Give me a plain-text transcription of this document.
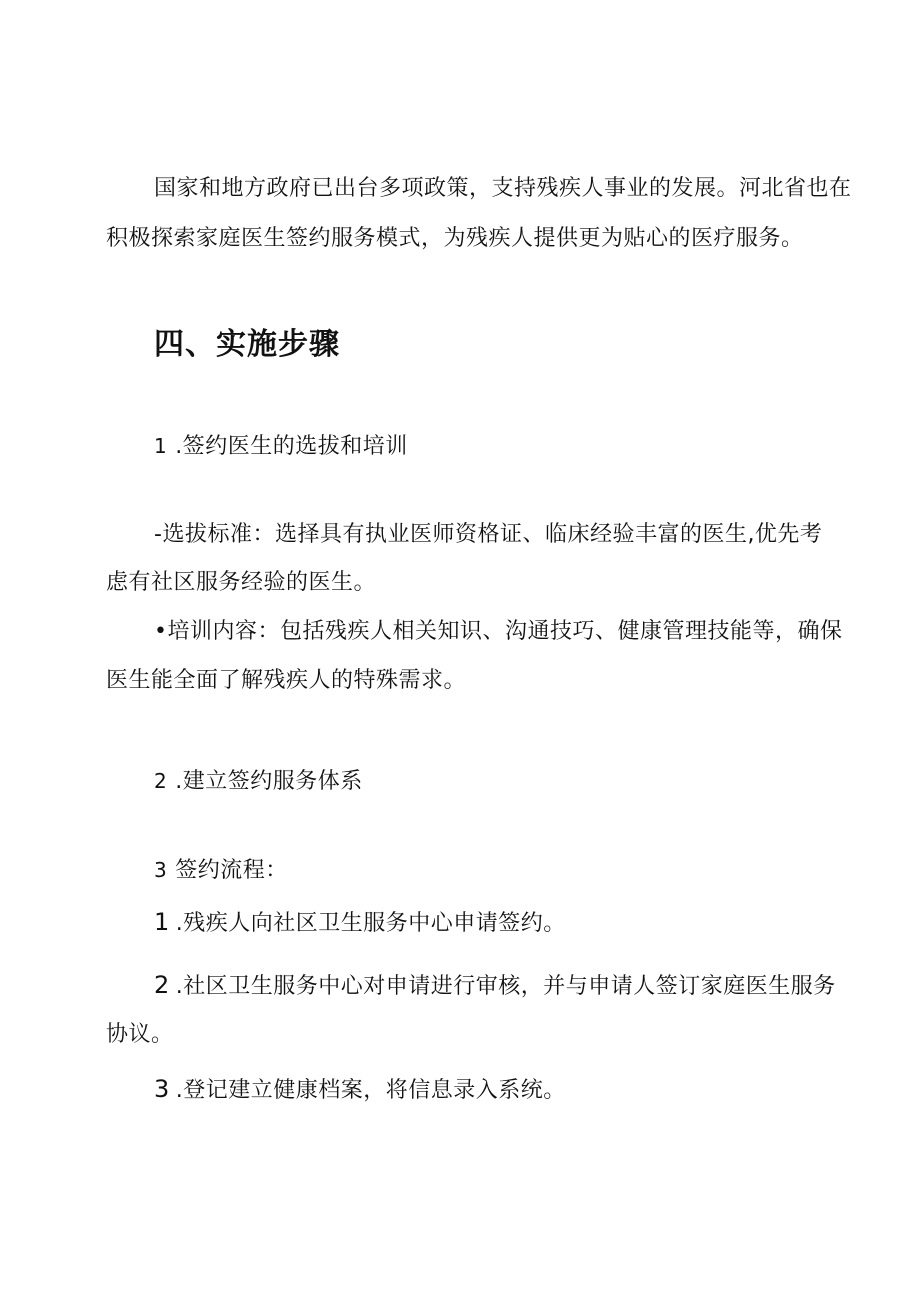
国家和地方政府已出台多项政策，支持残疾人事业的发展。河北省也在
积极探索家庭医生签约服务模式，为残疾人提供更为贴心的医疗服务。
四、实施步骤
1 .签约医生的选拔和培训
-选拔标准：选择具有执业医师资格证、临床经验丰富的医生,优先考
虑有社区服务经验的医生。
•培训内容：包括残疾人相关知识、沟通技巧、健康管理技能等，确保
医生能全面了解残疾人的特殊需求。
2 .建立签约服务体系
3 签约流程：
1 .残疾人向社区卫生服务中心申请签约。
2 .社区卫生服务中心对申请进行审核，并与申请人签订家庭医生服务
协议。
3 .登记建立健康档案，将信息录入系统。
